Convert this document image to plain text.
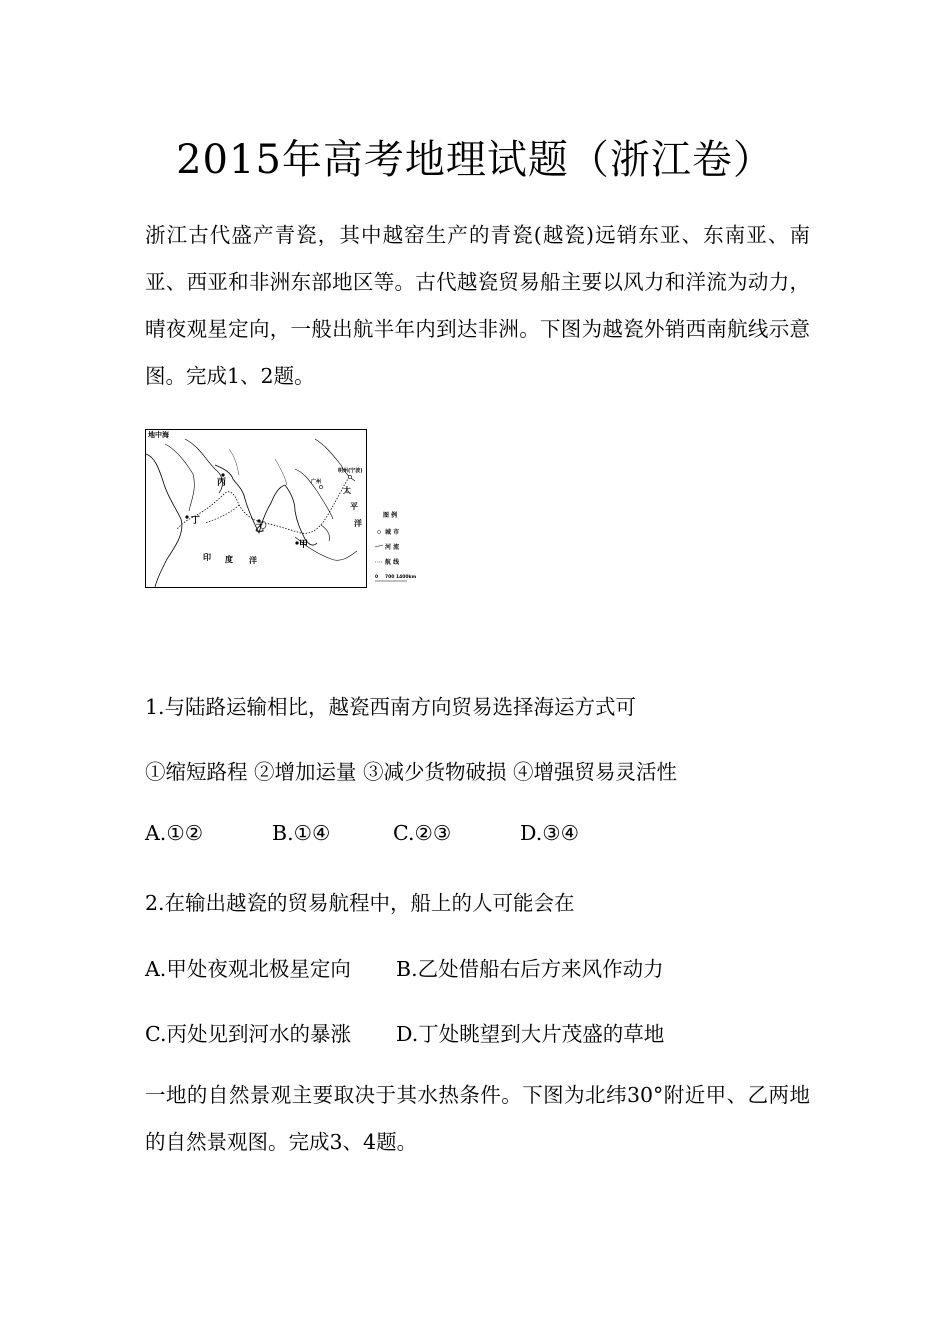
2015年高考地理试题（浙江卷）
浙江古代盛产青瓷，其中越窑生产的青瓷(越瓷)远销东亚、东南亚、南亚、西亚和非洲东部地区等。古代越瓷贸易船主要以风力和洋流为动力，晴夜观星定向，一般出航半年内到达非洲。下图为越瓷外销西南航线示意图。完成1、2题。
地中海
丙
丁
乙
甲
广州
明州(宁波)
太
平
洋
印 度 洋
图 例
城 市
河 流
航 线
0 700 1400km
1.与陆路运输相比，越瓷西南方向贸易选择海运方式可
①缩短路程 ②增加运量 ③减少货物破损 ④增强贸易灵活性
A.①②	B.①④	C.②③	D.③④
2.在输出越瓷的贸易航程中，船上的人可能会在
A.甲处夜观北极星定向 B.乙处借船右后方来风作动力
C.丙处见到河水的暴涨 D.丁处眺望到大片茂盛的草地
一地的自然景观主要取决于其水热条件。下图为北纬30°附近甲、乙两地的自然景观图。完成3、4题。
